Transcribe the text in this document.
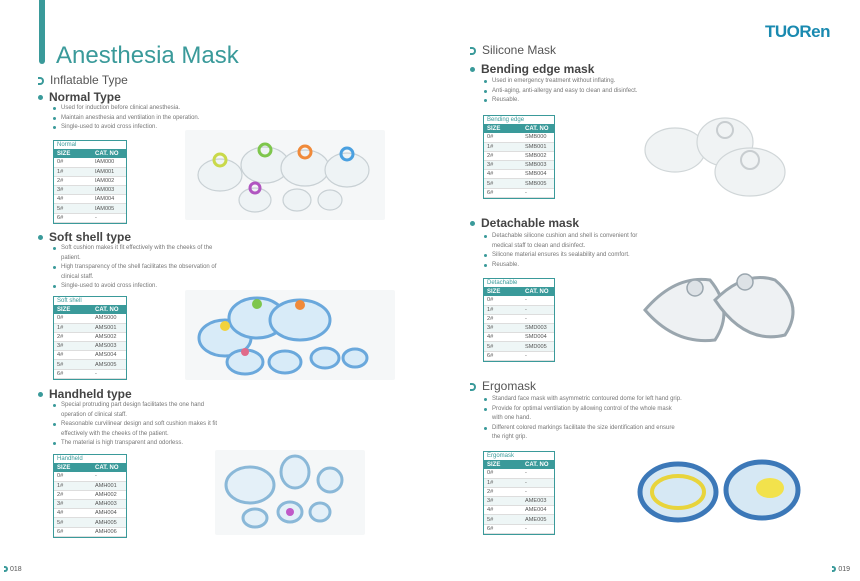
Anesthesia Mask
TUORen
Inflatable Type
Normal Type
Used for induction before clinical anesthesia.
Maintain anesthesia and ventilation in the operation.
Single-used to avoid cross infection.
Normal
SIZE	CAT. NO
0#	IAM000
1#	IAM001
2#	IAM002
3#	IAM003
4#	IAM004
5#	IAM005
6#	-
Soft shell type
Soft cushion makes it fit effectively with the cheeks of the
patient.
High transparency of the shell facilitates the observation of
clinical staff.
Single-used to avoid cross infection.
Soft shell
SIZE	CAT. NO
0#	AMS000
1#	AMS001
2#	AMS002
3#	AMS003
4#	AMS004
5#	AMS005
6#	-
Handheld type
Special protruding part design facilitates the one hand
operation of clinical staff.
Reasonable curvilinear design and soft cushion makes it fit
effectively with the cheeks of the patient.
The material is high transparent and odorless.
Handheld
SIZE	CAT. NO
0#	-
1#	AMH001
2#	AMH002
3#	AMH003
4#	AMH004
5#	AMH005
6#	AMH006
Silicone Mask
Bending edge mask
Used in emergency treatment without inflating.
Anti-aging, anti-allergy and easy to clean and disinfect.
Reusable.
Bending edge
SIZE	CAT. NO
0#	SMB000
1#	SMB001
2#	SMB002
3#	SMB003
4#	SMB004
5#	SMB005
6#	-
Detachable mask
Detachable silicone cushion and shell is convenient for
medical staff to clean and disinfect.
Silicone material ensures its sealability and comfort.
Reusable.
Detachable
SIZE	CAT. NO
0#	-
1#	-
2#	-
3#	SMD003
4#	SMD004
5#	SMD005
6#	-
Ergomask
Standard face mask with asymmetric contoured dome for left hand grip.
Provide for optimal ventilation by allowing control of the whole mask
with one hand.
Different colored markings facilitate the size identification and ensure
the right grip.
Ergomask
SIZE	CAT. NO
0#	-
1#	-
2#	-
3#	AME003
4#	AME004
5#	AME005
6#	-
018	019
